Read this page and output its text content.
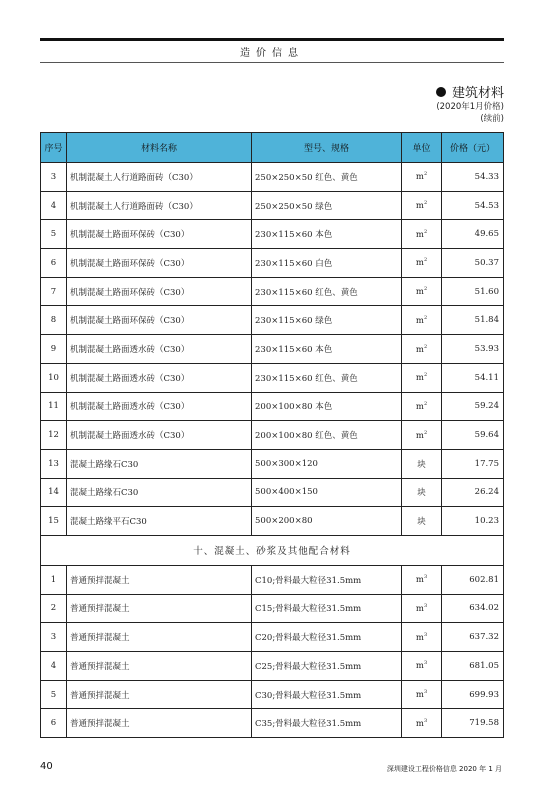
造价信息
建筑材料
(2020年1月价格)
(续前)
序号	材料名称	型号、规格	单位	价格（元）
3	机制混凝土人行道路面砖（C30）	250×250×50 红色、黄色	$m^2$	54.33
4	机制混凝土人行道路面砖（C30）	250×250×50 绿色	$m^2$	54.53
5	机制混凝土路面环保砖（C30）	230×115×60 本色	$m^2$	49.65
6	机制混凝土路面环保砖（C30）	230×115×60 白色	$m^2$	50.37
7	机制混凝土路面环保砖（C30）	230×115×60 红色、黄色	$m^2$	51.60
8	机制混凝土路面环保砖（C30）	230×115×60 绿色	$m^2$	51.84
9	机制混凝土路面透水砖（C30）	230×115×60 本色	$m^2$	53.93
10	机制混凝土路面透水砖（C30）	230×115×60 红色、黄色	$m^2$	54.11
11	机制混凝土路面透水砖（C30）	200×100×80 本色	$m^2$	59.24
12	机制混凝土路面透水砖（C30）	200×100×80 红色、黄色	$m^2$	59.64
13	混凝土路缘石C30	500×300×120	块	17.75
14	混凝土路缘石C30	500×400×150	块	26.24
15	混凝土路缘平石C30	500×200×80	块	10.23
十、混凝土、砂浆及其他配合材料				
1	普通预拌混凝土	C10;骨料最大粒径31.5mm	$m^3$	602.81
2	普通预拌混凝土	C15;骨料最大粒径31.5mm	$m^3$	634.02
3	普通预拌混凝土	C20;骨料最大粒径31.5mm	$m^3$	637.32
4	普通预拌混凝土	C25;骨料最大粒径31.5mm	$m^3$	681.05
5	普通预拌混凝土	C30;骨料最大粒径31.5mm	$m^3$	699.93
6	普通预拌混凝土	C35;骨料最大粒径31.5mm	$m^3$	719.58
40	深圳建设工程价格信息 2020 年 1 月
